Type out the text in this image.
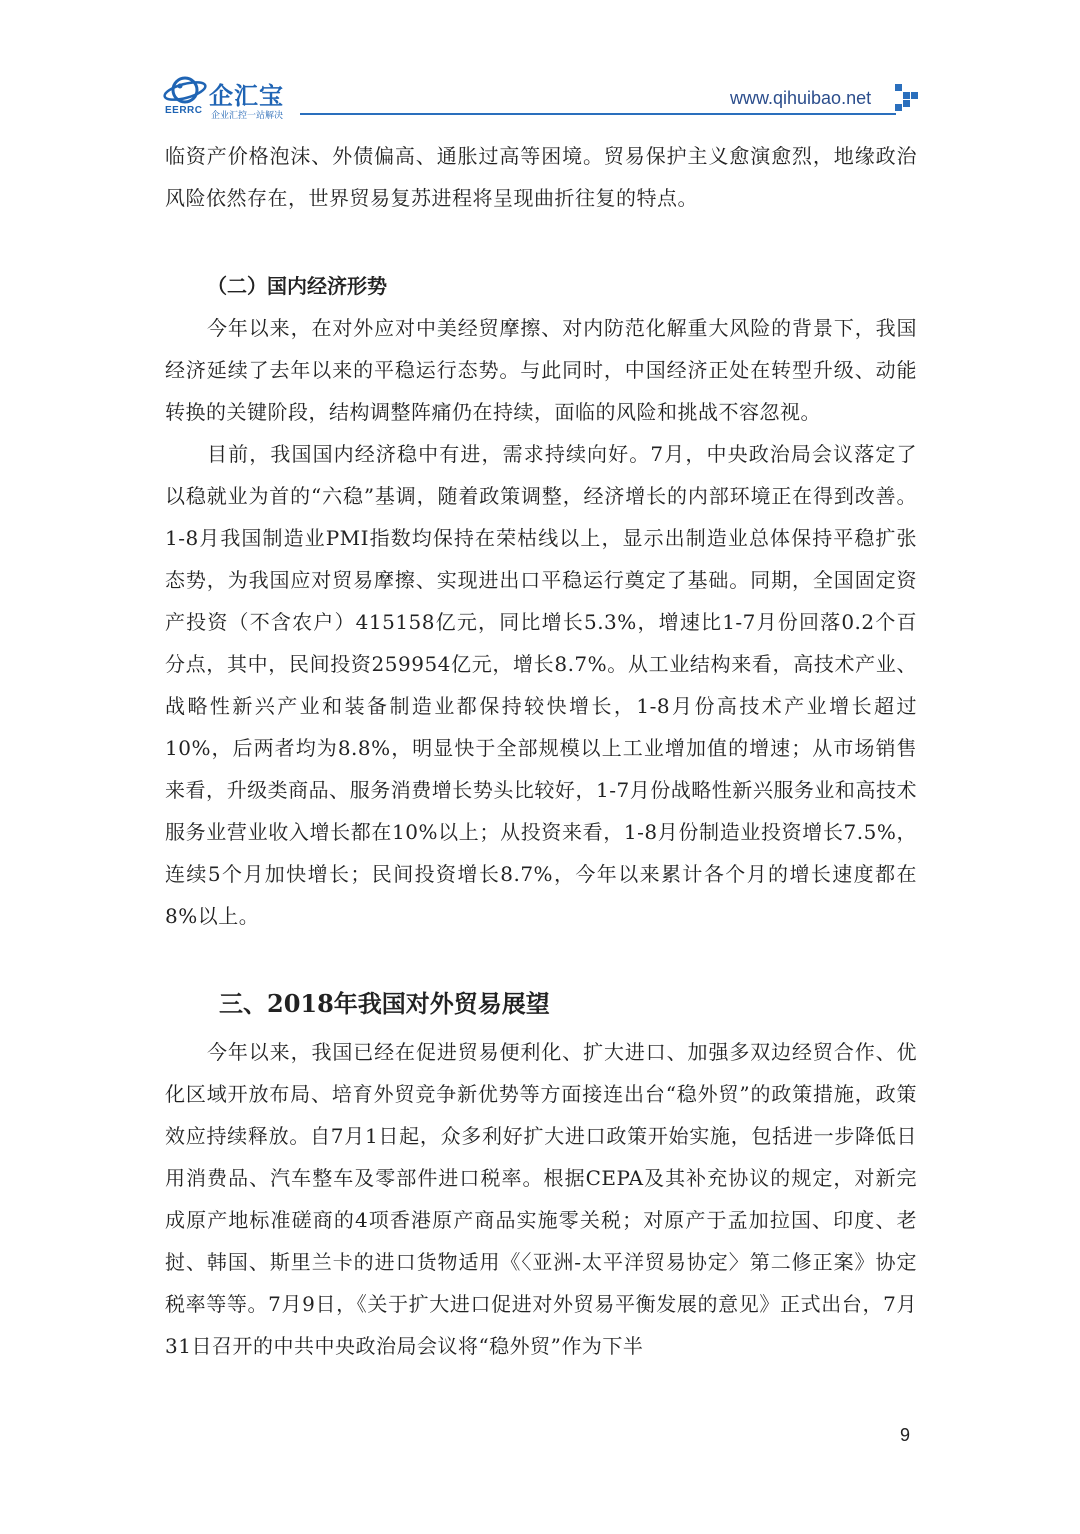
EERRC
企汇宝
企业汇控一站解决
www.qihuibao.net

临资产价格泡沫、外债偏高、通胀过高等困境。贸易保护主义愈演愈烈，地缘政治风险依然存在，世界贸易复苏进程将呈现曲折往复的特点。

（二）国内经济形势

今年以来，在对外应对中美经贸摩擦、对内防范化解重大风险的背景下，我国经济延续了去年以来的平稳运行态势。与此同时，中国经济正处在转型升级、动能转换的关键阶段，结构调整阵痛仍在持续，面临的风险和挑战不容忽视。

目前，我国国内经济稳中有进，需求持续向好。7月，中央政治局会议落定了以稳就业为首的“六稳”基调，随着政策调整，经济增长的内部环境正在得到改善。1-8月我国制造业PMI指数均保持在荣枯线以上，显示出制造业总体保持平稳扩张态势，为我国应对贸易摩擦、实现进出口平稳运行奠定了基础。同期，全国固定资产投资（不含农户）415158亿元，同比增长5.3%，增速比1-7月份回落0.2个百分点，其中，民间投资259954亿元，增长8.7%。从工业结构来看，高技术产业、战略性新兴产业和装备制造业都保持较快增长，1-8月份高技术产业增长超过10%，后两者均为8.8%，明显快于全部规模以上工业增加值的增速；从市场销售来看，升级类商品、服务消费增长势头比较好，1-7月份战略性新兴服务业和高技术服务业营业收入增长都在10%以上；从投资来看，1-8月份制造业投资增长7.5%，连续5个月加快增长；民间投资增长8.7%，今年以来累计各个月的增长速度都在8%以上。

三、2018年我国对外贸易展望

今年以来，我国已经在促进贸易便利化、扩大进口、加强多双边经贸合作、优化区域开放布局、培育外贸竞争新优势等方面接连出台“稳外贸”的政策措施，政策效应持续释放。自7月1日起，众多利好扩大进口政策开始实施，包括进一步降低日用消费品、汽车整车及零部件进口税率。根据CEPA及其补充协议的规定，对新完成原产地标准磋商的4项香港原产商品实施零关税；对原产于孟加拉国、印度、老挝、韩国、斯里兰卡的进口货物适用《〈亚洲-太平洋贸易协定〉第二修正案》协定税率等等。7月9日，《关于扩大进口促进对外贸易平衡发展的意见》正式出台，7月31日召开的中共中央政治局会议将“稳外贸”作为下半

9
